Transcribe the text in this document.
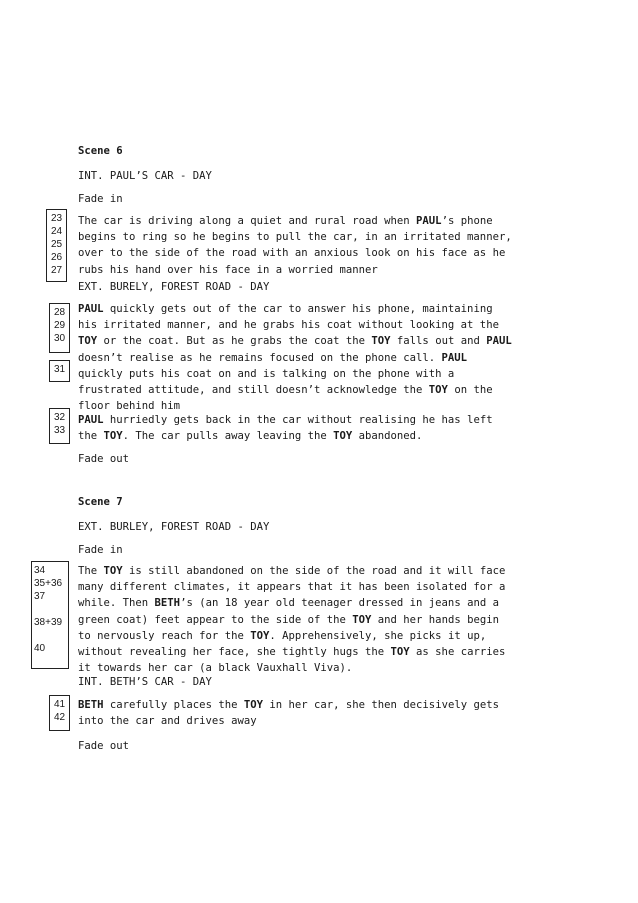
Scene 6
INT. PAUL’S CAR - DAY
Fade in
23
24
25
26
27
The car is driving along a quiet and rural road when PAUL’s phone
begins to ring so he begins to pull the car, in an irritated manner,
over to the side of the road with an anxious look on his face as he
rubs his hand over his face in a worried manner
EXT. BURELY, FOREST ROAD - DAY
28
29
30
31
PAUL quickly gets out of the car to answer his phone, maintaining
his irritated manner, and he grabs his coat without looking at the
TOY or the coat. But as he grabs the coat the TOY falls out and PAUL
doesn’t realise as he remains focused on the phone call. PAUL
quickly puts his coat on and is talking on the phone with a
frustrated attitude, and still doesn’t acknowledge the TOY on the
floor behind him
32
33
PAUL hurriedly gets back in the car without realising he has left
the TOY. The car pulls away leaving the TOY abandoned.
Fade out
Scene 7
EXT. BURLEY, FOREST ROAD - DAY
Fade in
34
35+36
37

38+39

40
The TOY is still abandoned on the side of the road and it will face
many different climates, it appears that it has been isolated for a
while. Then BETH’s (an 18 year old teenager dressed in jeans and a
green coat) feet appear to the side of the TOY and her hands begin
to nervously reach for the TOY. Apprehensively, she picks it up,
without revealing her face, she tightly hugs the TOY as she carries
it towards her car (a black Vauxhall Viva).
INT. BETH’S CAR - DAY
41
42
BETH carefully places the TOY in her car, she then decisively gets
into the car and drives away
Fade out
